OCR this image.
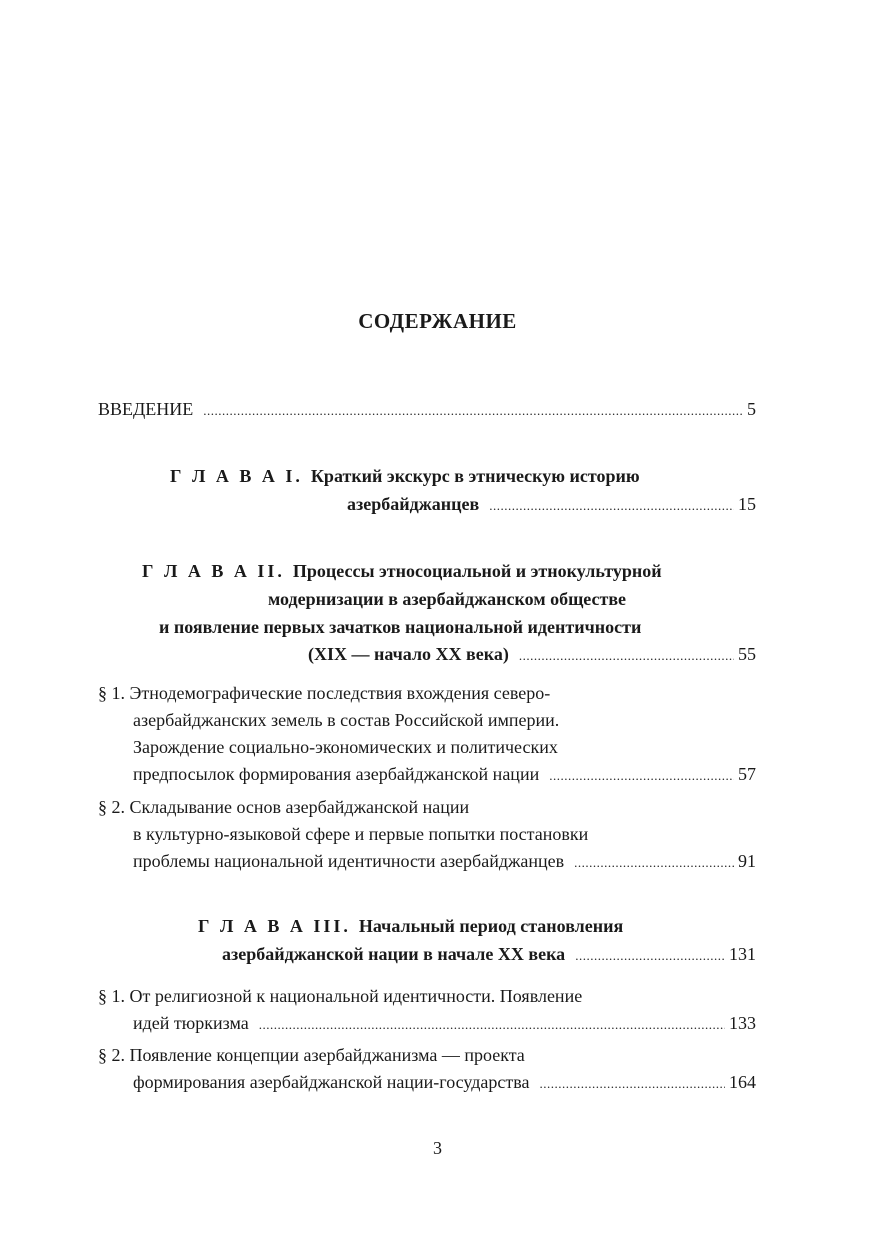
СОДЕРЖАНИЕ
ВВЕДЕНИЕ .....	5
Г Л А В А I. Краткий экскурс в этническую историю
азербайджанцев .....	15
Г Л А В А II. Процессы этносоциальной и этнокультурной
модернизации в азербайджанском обществе
и появление первых зачатков национальной идентичности
(XIX — начало XX века) .....	55
§ 1. Этнодемографические последствия вхождения северо-
азербайджанских земель в состав Российской империи.
Зарождение социально-экономических и политических
предпосылок формирования азербайджанской нации .....	57
§ 2. Складывание основ азербайджанской нации
в культурно-языковой сфере и первые попытки постановки
проблемы национальной идентичности азербайджанцев .....	91
Г Л А В А III. Начальный период становления
азербайджанской нации в начале XX века .....	131
§ 1. От религиозной к национальной идентичности. Появление
идей тюркизма .....	133
§ 2. Появление концепции азербайджанизма — проекта
формирования азербайджанской нации-государства .....	164
3
